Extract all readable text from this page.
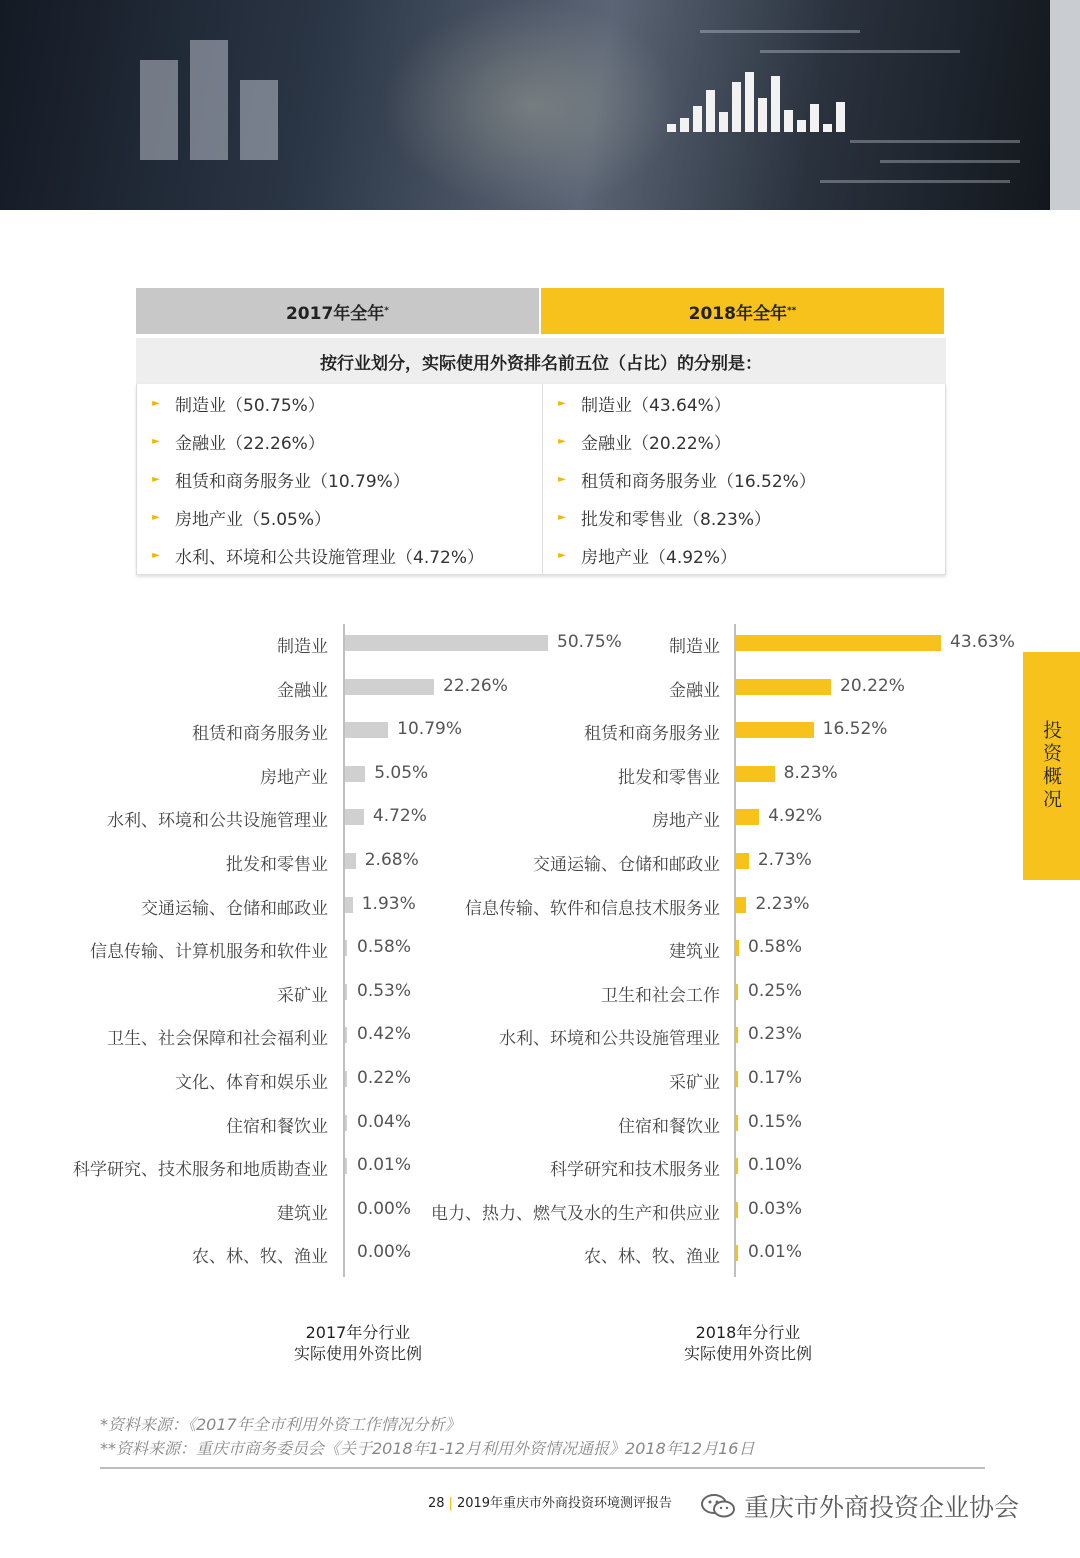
2017年全年 *	2018年全年 **
按行业划分，实际使用外资排名前五位（占比）的分别是：
► 制造业（50.75%）
► 金融业（22.26%）
► 租赁和商务服务业（10.79%）
► 房地产业（5.05%）
► 水利、环境和公共设施管理业（4.72%）
► 制造业（43.64%）
► 金融业（20.22%）
► 租赁和商务服务业（16.52%）
► 批发和零售业（8.23%）
► 房地产业（4.92%）
制造业	50.75%
金融业	22.26%
租赁和商务服务业	10.79%
房地产业	5.05%
水利、环境和公共设施管理业	4.72%
批发和零售业 2.68%
交通运输、仓储和邮政业 1.93%
信息传输、计算机服务和软件业 0.58%
采矿业 0.53%
卫生、社会保障和社会福利业 0.42%
文化、体育和娱乐业 0.22%
住宿和餐饮业 0.04%
科学研究、技术服务和地质勘查业 0.01%
建筑业 0.00%
农、林、牧、渔业 0.00%
制造业	43.63%
金融业	20.22%
租赁和商务服务业	16.52%
批发和零售业	8.23%
房地产业	4.92%
交通运输、仓储和邮政业 2.73%
信息传输、软件和信息技术服务业 2.23%
建筑业 0.58%
卫生和社会工作 0.25%
水利、环境和公共设施管理业 0.23%
采矿业 0.17%
住宿和餐饮业 0.15%
科学研究和技术服务业 0.10%
电力、热力、燃气及水的生产和供应业 0.03%
农、林、牧、渔业 0.01%
2017年分行业
实际使用外资比例
2018年分行业
实际使用外资比例
投资概况
*资料来源：《2017年全市利用外资工作情况分析》
**资料来源：重庆市商务委员会《关于2018年1-12月利用外资情况通报》2018年12月16日
28 | 2019年重庆市外商投资环境测评报告	重庆市外商投资企业协会
